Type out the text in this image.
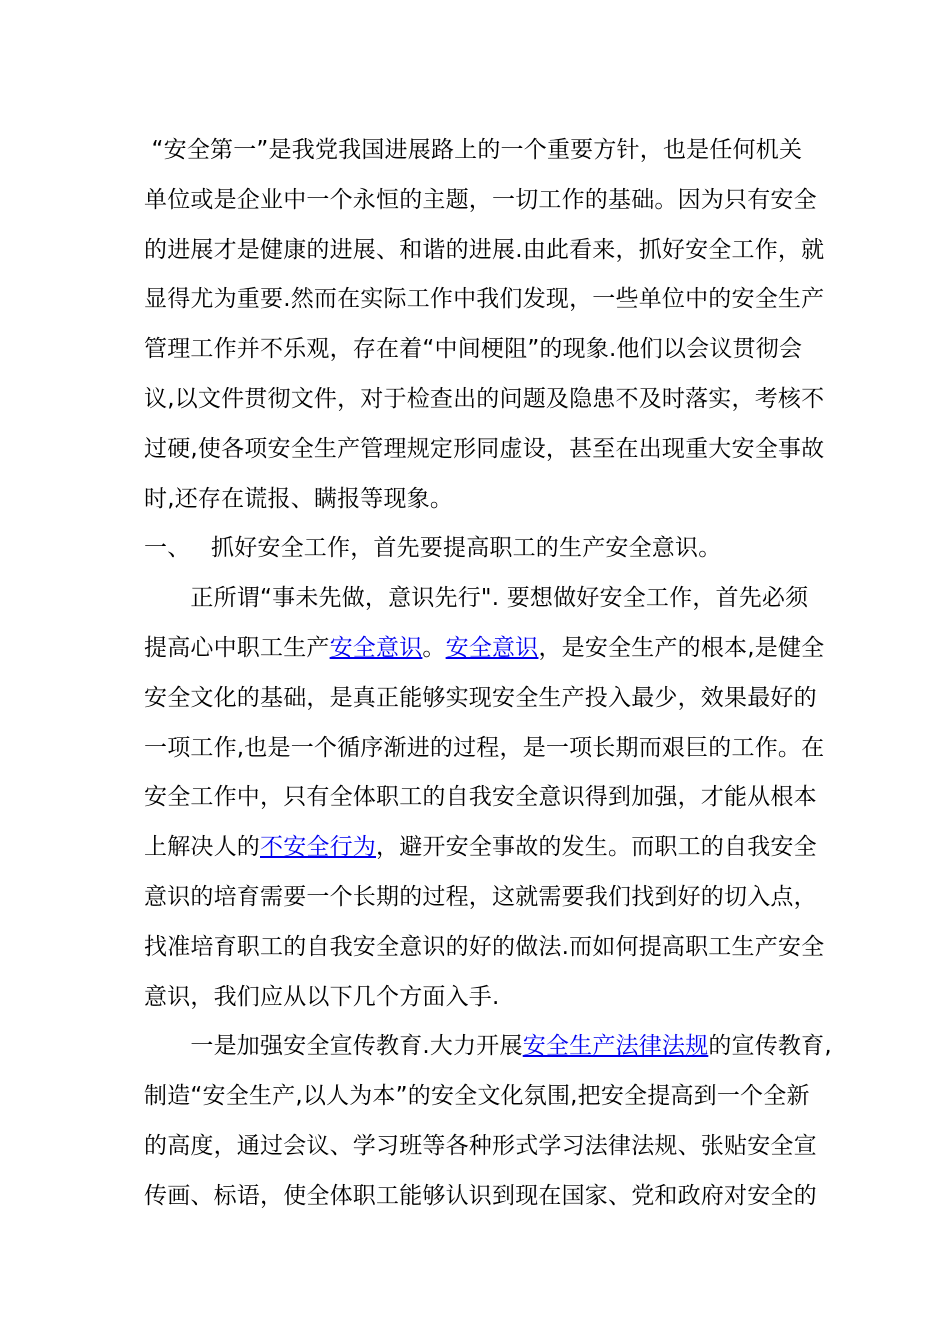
“安全第一”是我党我国进展路上的一个重要方针，也是任何机关
单位或是企业中一个永恒的主题，一切工作的基础。因为只有安全
的进展才是健康的进展、和谐的进展.由此看来，抓好安全工作，就
显得尤为重要.然而在实际工作中我们发现，一些单位中的安全生产
管理工作并不乐观，存在着“中间梗阻”的现象.他们以会议贯彻会
议,以文件贯彻文件，对于检查出的问题及隐患不及时落实，考核不
过硬,使各项安全生产管理规定形同虚设，甚至在出现重大安全事故
时,还存在谎报、瞒报等现象。
一、 抓好安全工作，首先要提高职工的生产安全意识。
　　正所谓“事未先做，意识先行". 要想做好安全工作，首先必须
提高心中职工生产安全意识。安全意识，是安全生产的根本,是健全
安全文化的基础，是真正能够实现安全生产投入最少，效果最好的
一项工作,也是一个循序渐进的过程，是一项长期而艰巨的工作。在
安全工作中，只有全体职工的自我安全意识得到加强，才能从根本
上解决人的不安全行为，避开安全事故的发生。而职工的自我安全
意识的培育需要一个长期的过程，这就需要我们找到好的切入点，
找准培育职工的自我安全意识的好的做法.而如何提高职工生产安全
意识，我们应从以下几个方面入手.
　　一是加强安全宣传教育.大力开展安全生产法律法规的宣传教育,
制造“安全生产,以人为本”的安全文化氛围,把安全提高到一个全新
的高度，通过会议、学习班等各种形式学习法律法规、张贴安全宣
传画、标语，使全体职工能够认识到现在国家、党和政府对安全的
